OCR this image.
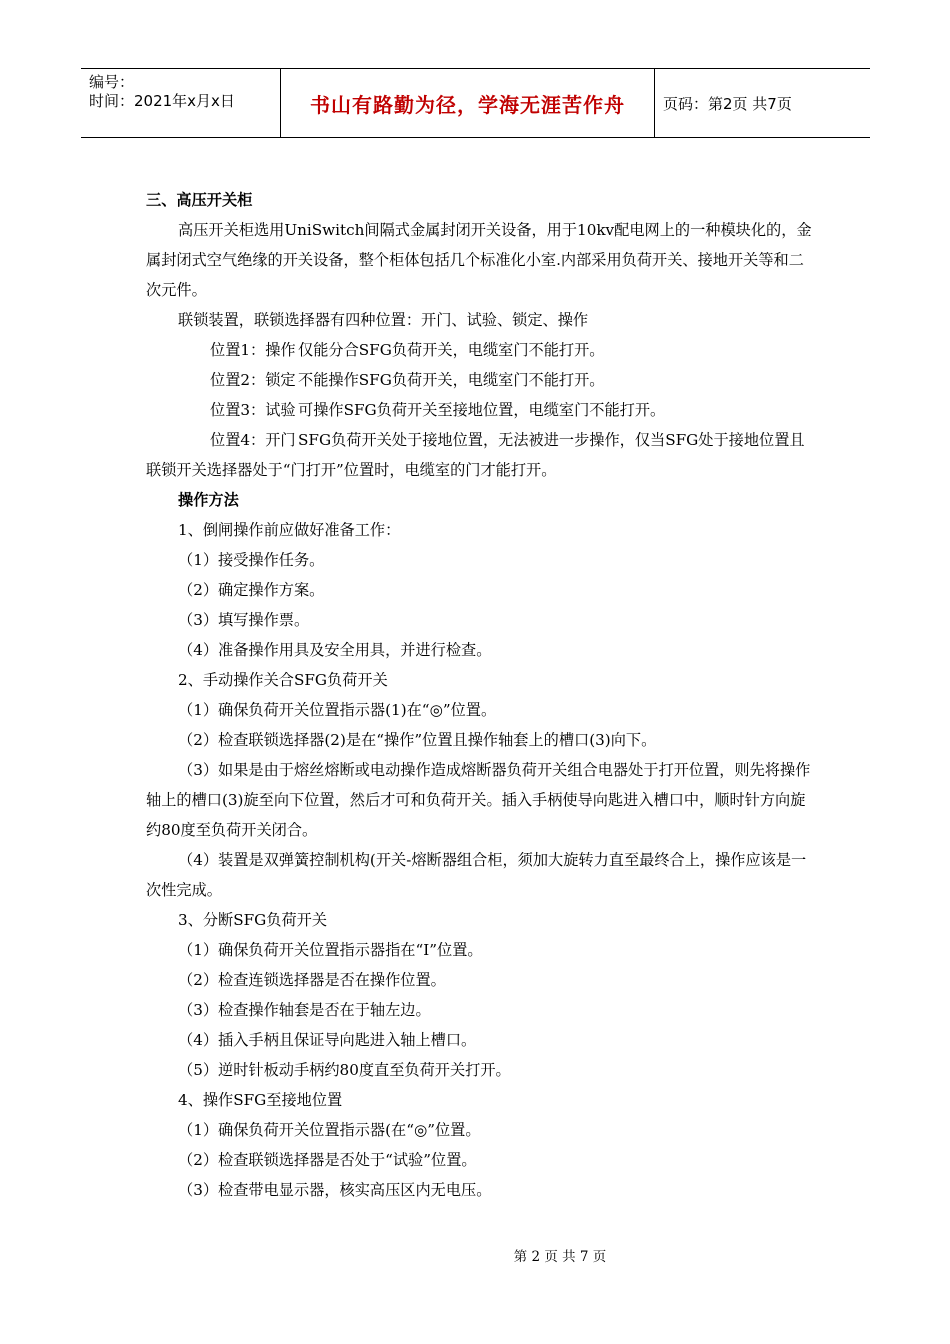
编号：
时间：2021年x月x日	书山有路勤为径，学海无涯苦作舟	页码：第2页 共7页

三、高压开关柜

高压开关柜选用UniSwitch间隔式金属封闭开关设备，用于10kv配电网上的一种模块化的，金属封闭式空气绝缘的开关设备，整个柜体包括几个标准化小室.内部采用负荷开关、接地开关等和二次元件。

联锁装置，联锁选择器有四种位置：开门、试验、锁定、操作

位置1：操作 仅能分合SFG负荷开关，电缆室门不能打开。

位置2：锁定 不能操作SFG负荷开关，电缆室门不能打开。

位置3：试验 可操作SFG负荷开关至接地位置，电缆室门不能打开。

位置4：开门 SFG负荷开关处于接地位置，无法被进一步操作，仅当SFG处于接地位置且联锁开关选择器处于“门打开”位置时，电缆室的门才能打开。

操作方法

1、倒闸操作前应做好准备工作：

（1）接受操作任务。

（2）确定操作方案。

（3）填写操作票。

（4）准备操作用具及安全用具，并进行检查。

2、手动操作关合SFG负荷开关

（1）确保负荷开关位置指示器(1)在“◎”位置。

（2）检查联锁选择器(2)是在“操作”位置且操作轴套上的槽口(3)向下。

（3）如果是由于熔丝熔断或电动操作造成熔断器负荷开关组合电器处于打开位置，则先将操作轴上的槽口(3)旋至向下位置，然后才可和负荷开关。插入手柄使导向匙进入槽口中，顺时针方向旋约80度至负荷开关闭合。

（4）装置是双弹簧控制机构(开关-熔断器组合柜，须加大旋转力直至最终合上，操作应该是一次性完成。

3、分断SFG负荷开关

（1）确保负荷开关位置指示器指在“Ⅰ”位置。

（2）检查连锁选择器是否在操作位置。

（3）检查操作轴套是否在于轴左边。

（4）插入手柄且保证导向匙进入轴上槽口。

（5）逆时针板动手柄约80度直至负荷开关打开。

4、操作SFG至接地位置

（1）确保负荷开关位置指示器(在“◎”位置。

（2）检查联锁选择器是否处于“试验”位置。

（3）检查带电显示器，核实高压区内无电压。

第 2 页 共 7 页
